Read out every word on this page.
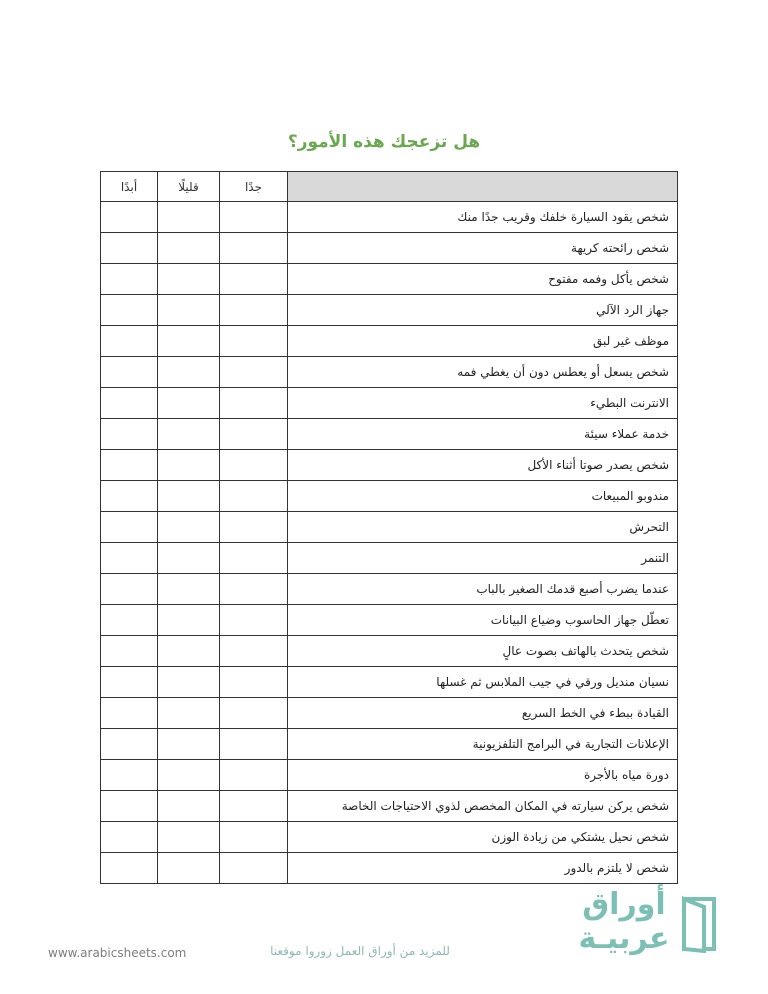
هل تزعجك هذه الأمور؟
	جدًا	قليلًا	أبدًا
شخص يقود السيارة خلفك وقريب جدًا منك			
شخص رائحته كريهة			
شخص يأكل وفمه مفتوح			
جهاز الرد الآلي			
موظف غير لبق			
شخص يسعل أو يعطس دون أن يغطي فمه			
الانترنت البطيء			
خدمة عملاء سيئة			
شخص يصدر صوتا أثناء الأكل			
مندوبو المبيعات			
التحرش			
التنمر			
عندما يضرب أصبع قدمك الصغير بالباب			
تعطّل جهاز الحاسوب وضياع البيانات			
شخص يتحدث بالهاتف بصوت عالٍ			
نسيان منديل ورقي في جيب الملابس ثم غسلها			
القيادة ببطء في الخط السريع			
الإعلانات التجارية في البرامج التلفزيونية			
دورة مياه بالأجرة			
شخص يركن سيارته في المكان المخصص لذوي الاحتياجات الخاصة			
شخص نحيل يشتكي من زيادة الوزن			
شخص لا يلتزم بالدور			
www.arabicsheets.com	للمزيد من أوراق العمل زوروا موقعنا
أوراق
عربيـة
